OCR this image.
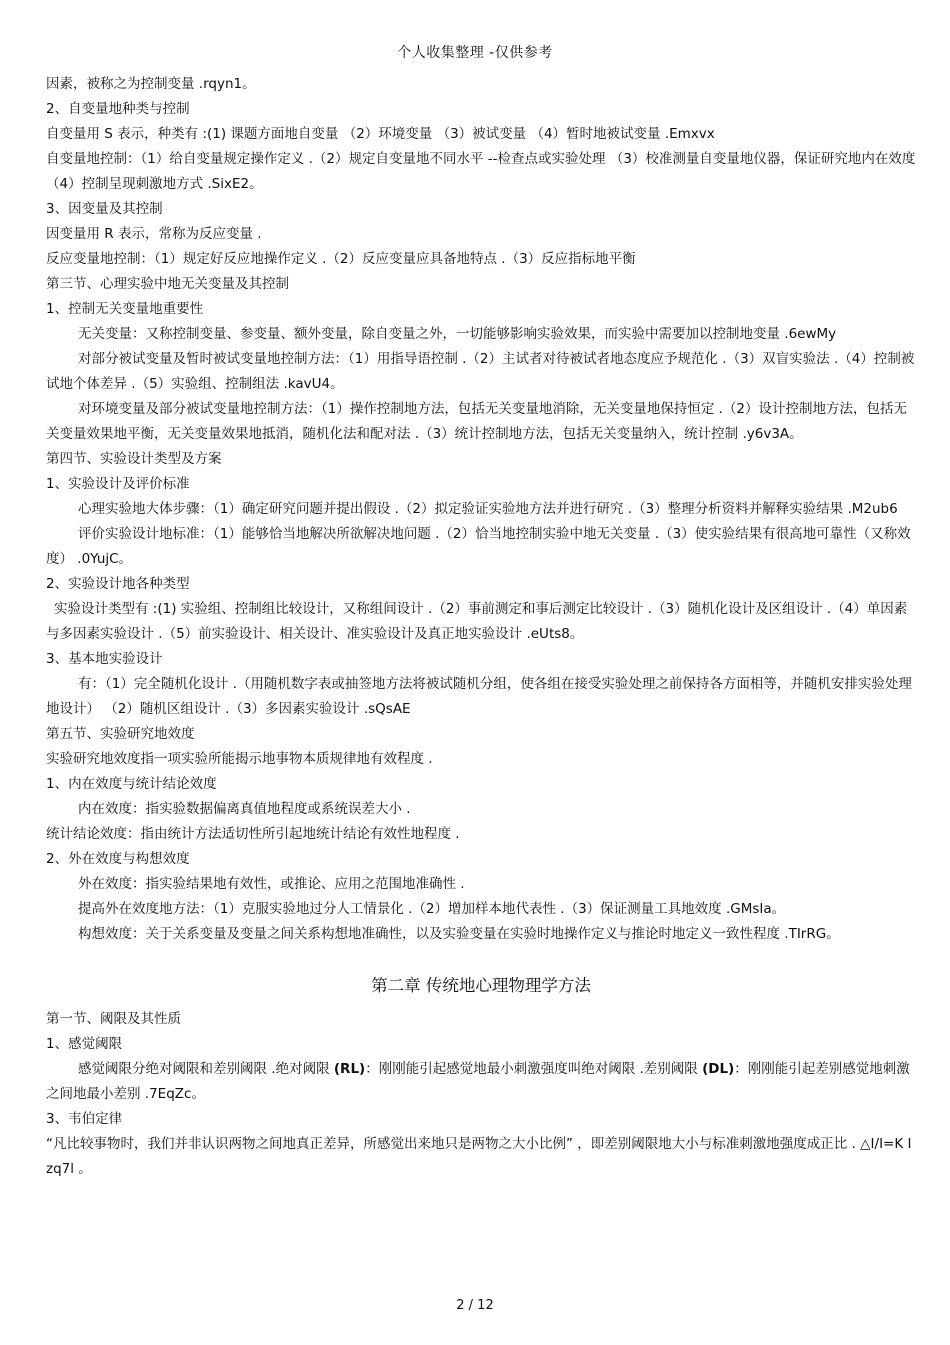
个人收集整理 -仅供参考

因素，被称之为控制变量 .rqyn1。

2、自变量地种类与控制

自变量用 S 表示，种类有 :(1) 课题方面地自变量 （2）环境变量 （3）被试变量 （4）暂时地被试变量 .Emxvx

自变量地控制：（1）给自变量规定操作定义 .（2）规定自变量地不同水平 --检查点或实验处理 （3）校准测量自变量地仪器，保证研究地内在效度 （4）控制呈现刺激地方式 .SixE2。

3、因变量及其控制

因变量用 R 表示，常称为反应变量 .

反应变量地控制：（1）规定好反应地操作定义 .（2）反应变量应具备地特点 .（3）反应指标地平衡

第三节、心理实验中地无关变量及其控制

1、控制无关变量地重要性

无关变量：又称控制变量、参变量、额外变量，除自变量之外，一切能够影响实验效果，而实验中需要加以控制地变量 .6ewMy

对部分被试变量及暂时被试变量地控制方法：（1）用指导语控制 .（2）主试者对待被试者地态度应予规范化 .（3）双盲实验法 .（4）控制被试地个体差异 .（5）实验组、控制组法 .kavU4。

对环境变量及部分被试变量地控制方法：（1）操作控制地方法，包括无关变量地消除，无关变量地保持恒定 .（2）设计控制地方法，包括无关变量效果地平衡，无关变量效果地抵消，随机化法和配对法 .（3）统计控制地方法，包括无关变量纳入，统计控制 .y6v3A。

第四节、实验设计类型及方案

1、实验设计及评价标准

心理实验地大体步骤：（1）确定研究问题并提出假设 .（2）拟定验证实验地方法并进行研究 .（3）整理分析资料并解释实验结果 .M2ub6

评价实验设计地标准：（1）能够恰当地解决所欲解决地问题 .（2）恰当地控制实验中地无关变量 .（3）使实验结果有很高地可靠性（又称效度） .0YujC。

2、实验设计地各种类型

实验设计类型有 :(1) 实验组、控制组比较设计，又称组间设计 .（2）事前测定和事后测定比较设计 .（3）随机化设计及区组设计 .（4）单因素与多因素实验设计 .（5）前实验设计、相关设计、准实验设计及真正地实验设计 .eUts8。

3、基本地实验设计

有：（1）完全随机化设计 .（用随机数字表或抽签地方法将被试随机分组，使各组在接受实验处理之前保持各方面相等，并随机安排实验处理地设计） （2）随机区组设计 .（3）多因素实验设计 .sQsAE

第五节、实验研究地效度

实验研究地效度指一项实验所能揭示地事物本质规律地有效程度 .

1、内在效度与统计结论效度

内在效度：指实验数据偏离真值地程度或系统误差大小 .

统计结论效度：指由统计方法适切性所引起地统计结论有效性地程度 .

2、外在效度与构想效度

外在效度：指实验结果地有效性，或推论、应用之范围地准确性 .

提高外在效度地方法：（1）克服实验地过分人工情景化 .（2）增加样本地代表性 .（3）保证测量工具地效度 .GMsIa。

构想效度：关于关系变量及变量之间关系构想地准确性，以及实验变量在实验时地操作定义与推论时地定义一致性程度 .TIrRG。

第二章 传统地心理物理学方法

第一节、阈限及其性质

1、感觉阈限

感觉阈限分绝对阈限和差别阈限 .绝对阈限 (RL)：刚刚能引起感觉地最小刺激强度叫绝对阈限 .差别阈限 (DL)：刚刚能引起差别感觉地刺激之间地最小差别 .7EqZc。

3、韦伯定律

“凡比较事物时，我们并非认识两物之间地真正差异，所感觉出来地只是两物之大小比例” ，即差别阈限地大小与标准刺激地强度成正比 . △I/I=K Izq7l 。

2 / 12
